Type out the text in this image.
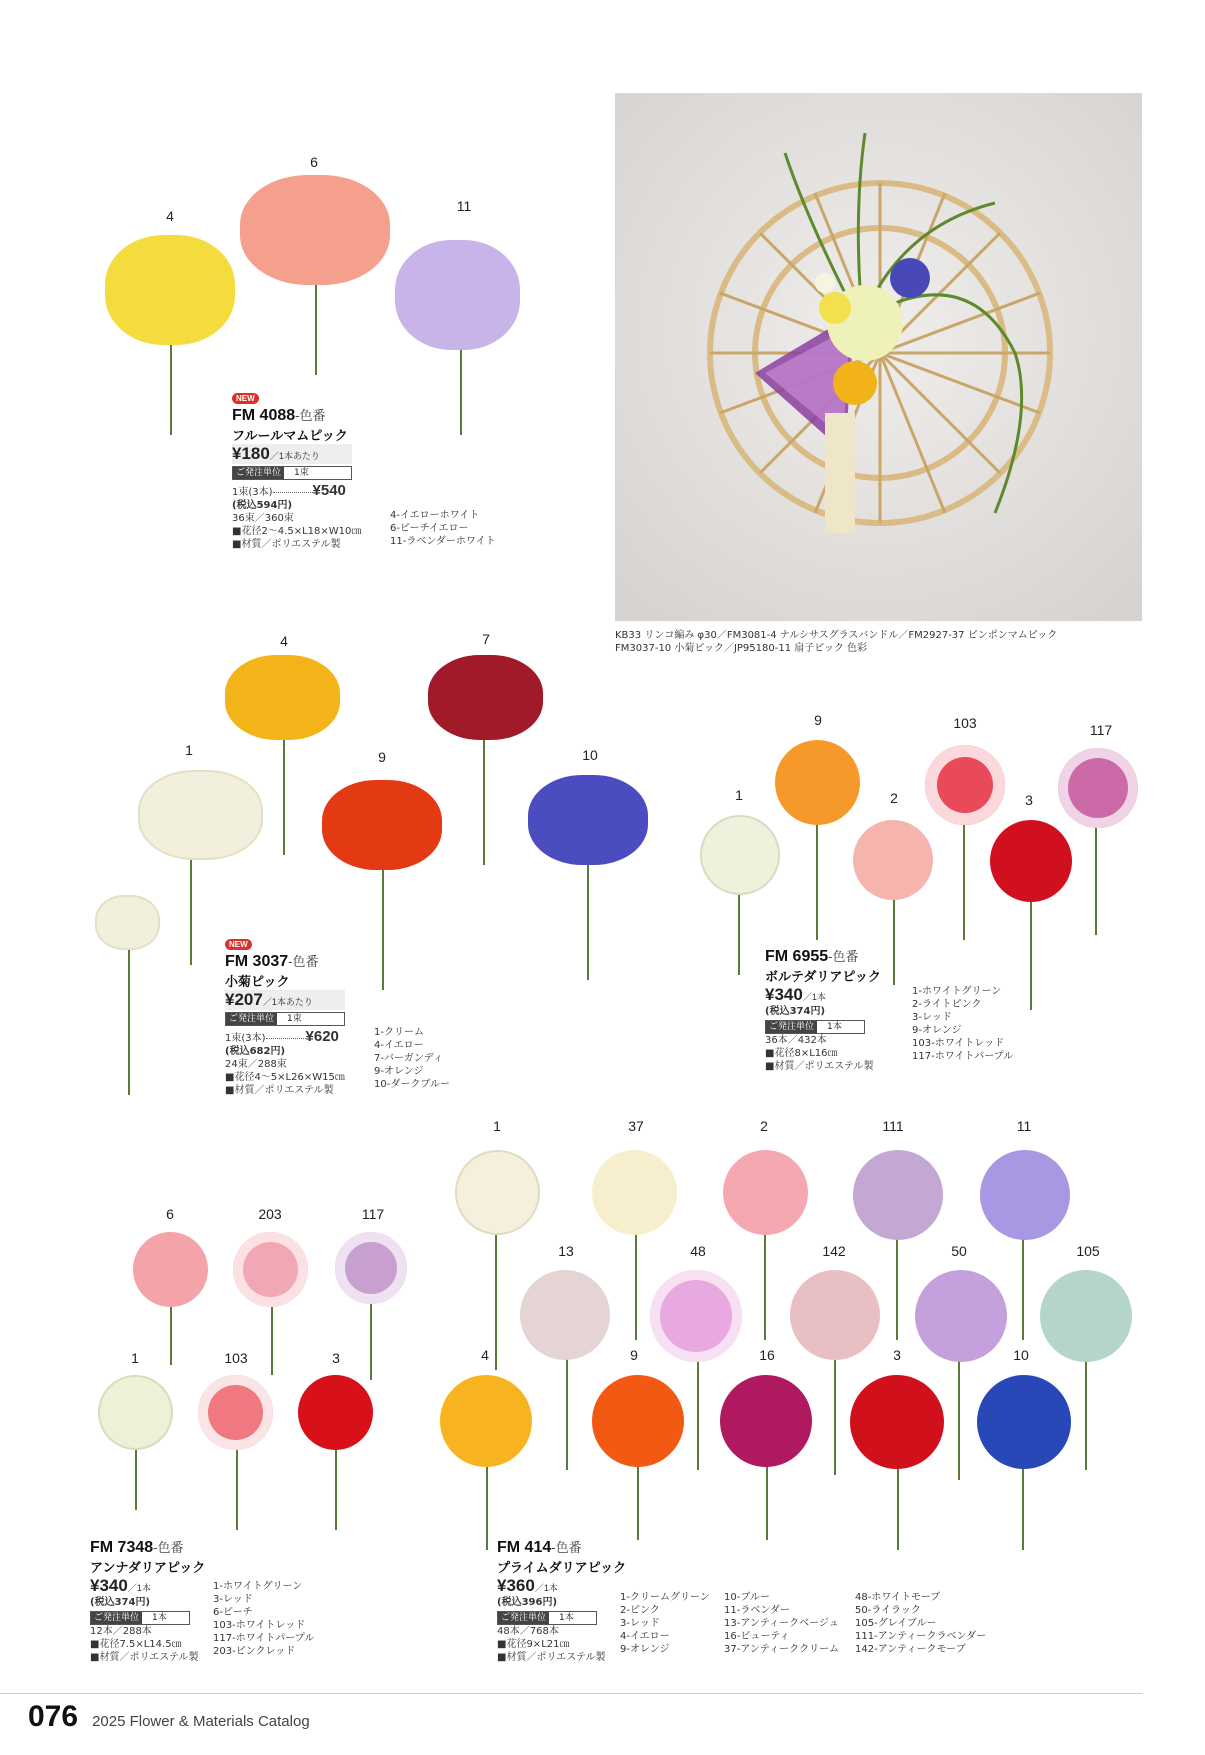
KB33 リンコ編み φ30／FM3081-4 ナルシサスグラスバンドル／FM2927-37 ピンポンマムピック
FM3037-10 小菊ピック／JP95180-11 扇子ピック 色彩
4
6
11
NEW
FM 4088-色番
フルールマムピック
¥180／1本あたり
ご発注単位	1束
1束(3本)	¥540
(税込594円)
36束／360束
■花径2～4.5×L18×W10㎝
■材質／ポリエステル製
4-イエローホワイト
6-ピーチイエロー
11-ラベンダーホワイト
4	7
1	9	10
NEW
FM 3037-色番
小菊ピック
¥207／1本あたり
ご発注単位	1束
1束(3本)	¥620
(税込682円)
24束／288束
■花径4～5×L26×W15㎝
■材質／ポリエステル製
1-クリーム
4-イエロー
7-バーガンディ
9-オレンジ
10-ダークブルー
9	103	117
1	2	3
FM 6955-色番
ボルテダリアピック
¥340／1本
(税込374円)
ご発注単位	1本
36本／432本
■花径8×L16㎝
■材質／ポリエステル製
1-ホワイトグリーン
2-ライトピンク
3-レッド
9-オレンジ
103-ホワイトレッド
117-ホワイトパープル
6	203	117
1	103	3
FM 7348-色番
アンナダリアピック
¥340／1本
(税込374円)
ご発注単位	1本
12本／288本
■花径7.5×L14.5㎝
■材質／ポリエステル製
1-ホワイトグリーン
3-レッド
6-ピーチ
103-ホワイトレッド
117-ホワイトパープル
203-ピンクレッド
1	37	2	111	11
13	48	142	50	105
4	9	16	3	10
FM 414-色番
プライムダリアピック
¥360／1本
(税込396円)
ご発注単位	1本
48本／768本
■花径9×L21㎝
■材質／ポリエステル製
1-クリームグリーン
2-ピンク
3-レッド
4-イエロー
9-オレンジ
10-ブルー
11-ラベンダー
13-アンティークベージュ
16-ビューティ
37-アンティーククリーム
48-ホワイトモーブ
50-ライラック
105-グレイブルー
111-アンティークラベンダー
142-アンティークモーブ
076 2025 Flower & Materials Catalog
